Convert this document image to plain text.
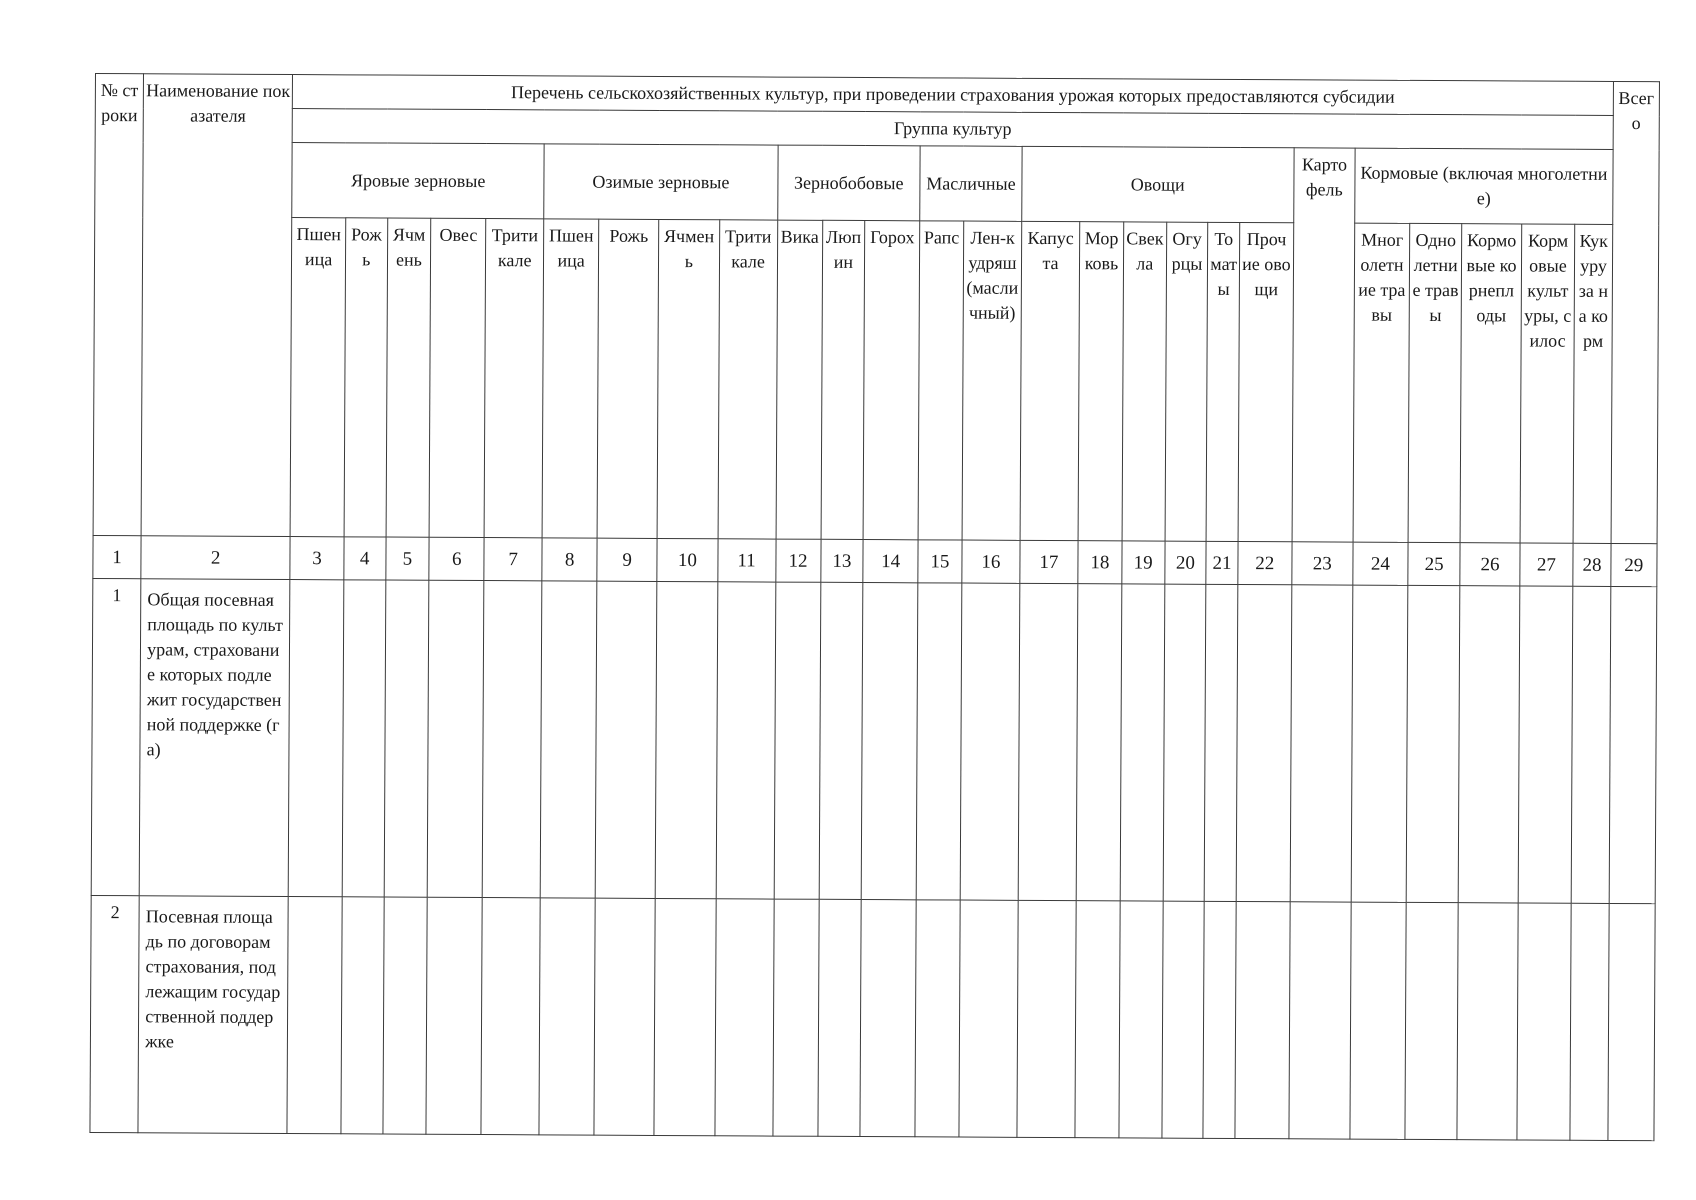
№ строки	Наименование показателя	Перечень сельскохозяйственных культур, при проведении страхования урожая которых предоставляются субсидии																										Всего
		Группа культур																										
		Яровые зерновые					Озимые зерновые				Зернобобовые			Масличные		Овощи						Картофель	Кормовые (включая многолетние)					
		Пшеница	Рожь	Ячмень	Овес	Тритикале	Пшеница	Рожь	Ячмень	Тритикале	Вика	Люпин	Горох	Рапс	Лен-кудряш (масличный)	Капуста	Морковь	Свекла	Огурцы	Томаты	Прочие овощи		Многолетние травы	Однолетние травы	Кормовые корнеплоды	Кормовые культуры, силос	Кукуруза на корм	
1	2	3	4	5	6	7	8	9	10	11	12	13	14	15	16	17	18	19	20	21	22	23	24	25	26	27	28	29
1	Общая посевная площадь по культурам, страхование которых подлежит государственной поддержке (га)																											
2	Посевная площадь по договорам страхования, подлежащим государственной поддержке																											
